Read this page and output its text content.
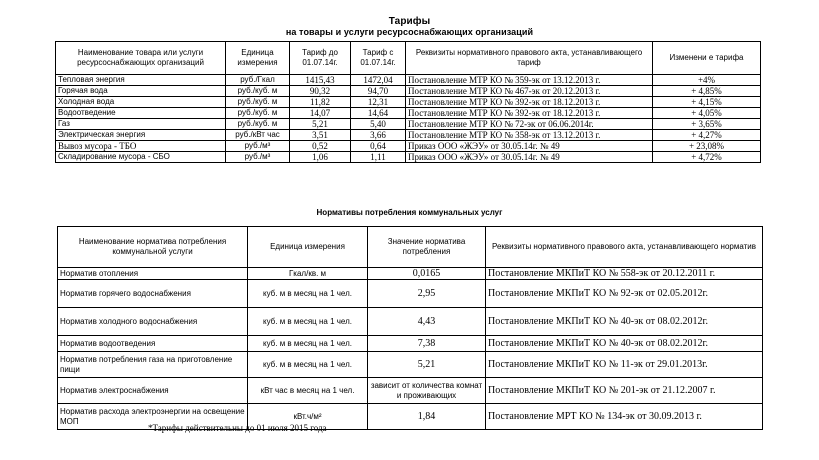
Тарифы
на товары и услуги ресурсоснабжающих организаций
Наименование товара или услуги ресурсоснабжающих организаций	Единица измерения	Тариф до 01.07.14г.	Тариф с 01.07.14г.	Реквизиты нормативного правового акта, устанавливающего тариф	Изменени е тарифа
Тепловая энергия	руб./Гкал	1415,43	1472,04	Постановление МТР КО № 359-эк от 13.12.2013 г.	+4%
Горячая вода	руб./куб. м	90,32	94,70	Постановление МТР КО № 467-эк от 20.12.2013 г.	+ 4,85%
Холодная вода	руб./куб. м	11,82	12,31	Постановление МТР КО № 392-эк от 18.12.2013 г.	+ 4,15%
Водоотведение	руб./куб. м	14,07	14,64	Постановление МТР КО № 392-эк от 18.12.2013 г.	+ 4,05%
Газ	руб./куб. м	5,21	5,40	Постановление МТР КО № 72-эк от 06.06.2014г.	+ 3,65%
Электрическая энергия	руб./кВт час	3,51	3,66	Постановление МТР КО № 358-эк от 13.12.2013 г.	+ 4,27%
Вывоз мусора - ТБО	руб./м³	0,52	0,64	Приказ ООО «ЖЭУ» от 30.05.14г. № 49	+ 23,08%
Складирование мусора - СБО	руб./м³	1,06	1,11	Приказ ООО «ЖЭУ» от 30.05.14г. № 49	+ 4,72%
Нормативы потребления коммунальных услуг
Наименование норматива потребления коммунальной услуги	Единица измерения	Значение норматива потребления	Реквизиты нормативного правового акта, устанавливающего норматив
Норматив отопления	Гкал/кв. м	0,0165	Постановление МКПиТ КО № 558-эк от 20.12.2011 г.
Норматив горячего водоснабжения	куб. м в месяц на 1 чел.	2,95	Постановление МКПиТ КО № 92-эк от 02.05.2012г.
Норматив холодного водоснабжения	куб. м в месяц на 1 чел.	4,43	Постановление МКПиТ КО № 40-эк от 08.02.2012г.
Норматив водоотведения	куб. м в месяц на 1 чел.	7,38	Постановление МКПиТ КО № 40-эк от 08.02.2012г.
Норматив потребления газа на приготовление пищи	куб. м в месяц на 1 чел.	5,21	Постановление МКПиТ КО № 11-эк от 29.01.2013г.
Норматив электроснабжения	кВт час в месяц на 1 чел.	зависит от количества комнат и проживающих	Постановление МКПиТ КО № 201-эк от 21.12.2007 г.
Норматив расхода электроэнергии на освещение МОП	кВт.ч/м²	1,84	Постановление МРТ КО № 134-эк от 30.09.2013 г.
*Тарифы действительны до 01 июля 2015 года
